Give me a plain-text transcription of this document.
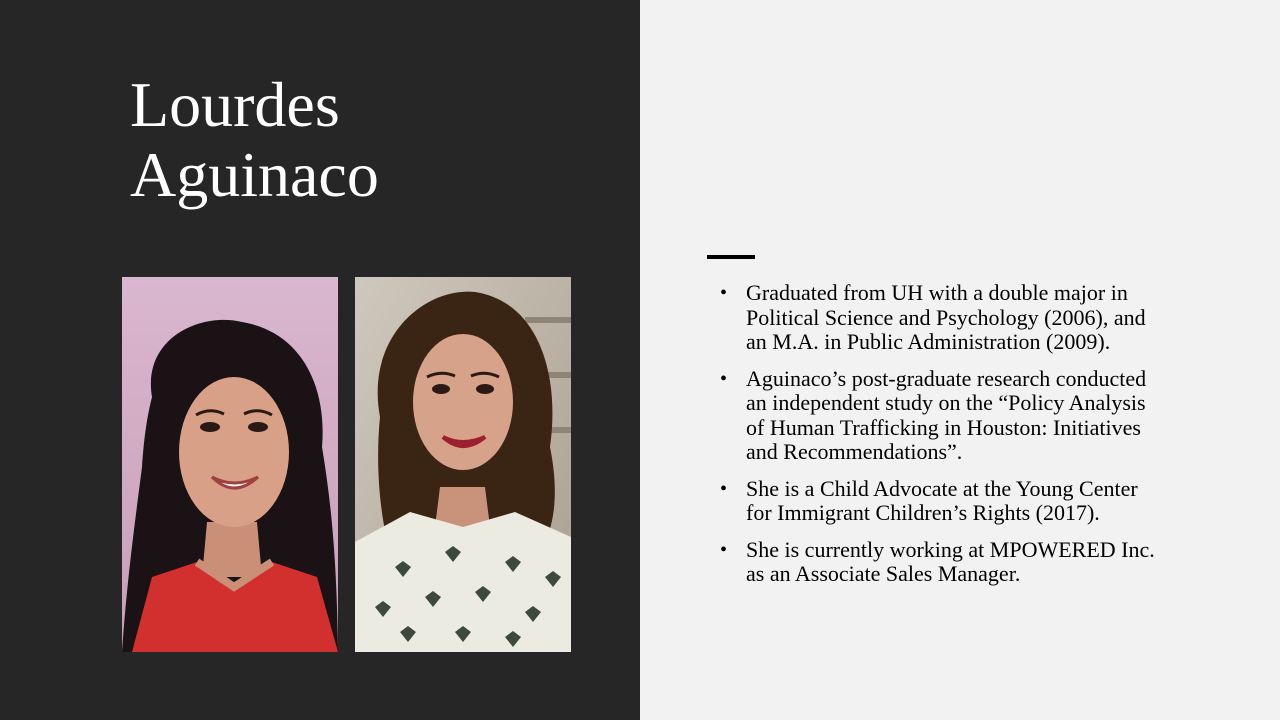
Lourdes
Aguinaco
• Graduated from UH with a double major in Political Science and Psychology (2006), and an M.A. in Public Administration (2009).
• Aguinaco’s post-graduate research conducted an independent study on the “Policy Analysis of Human Trafficking in Houston: Initiatives and Recommendations”.
• She is a Child Advocate at the Young Center for Immigrant Children’s Rights (2017).
• She is currently working at MPOWERED Inc. as an Associate Sales Manager.
